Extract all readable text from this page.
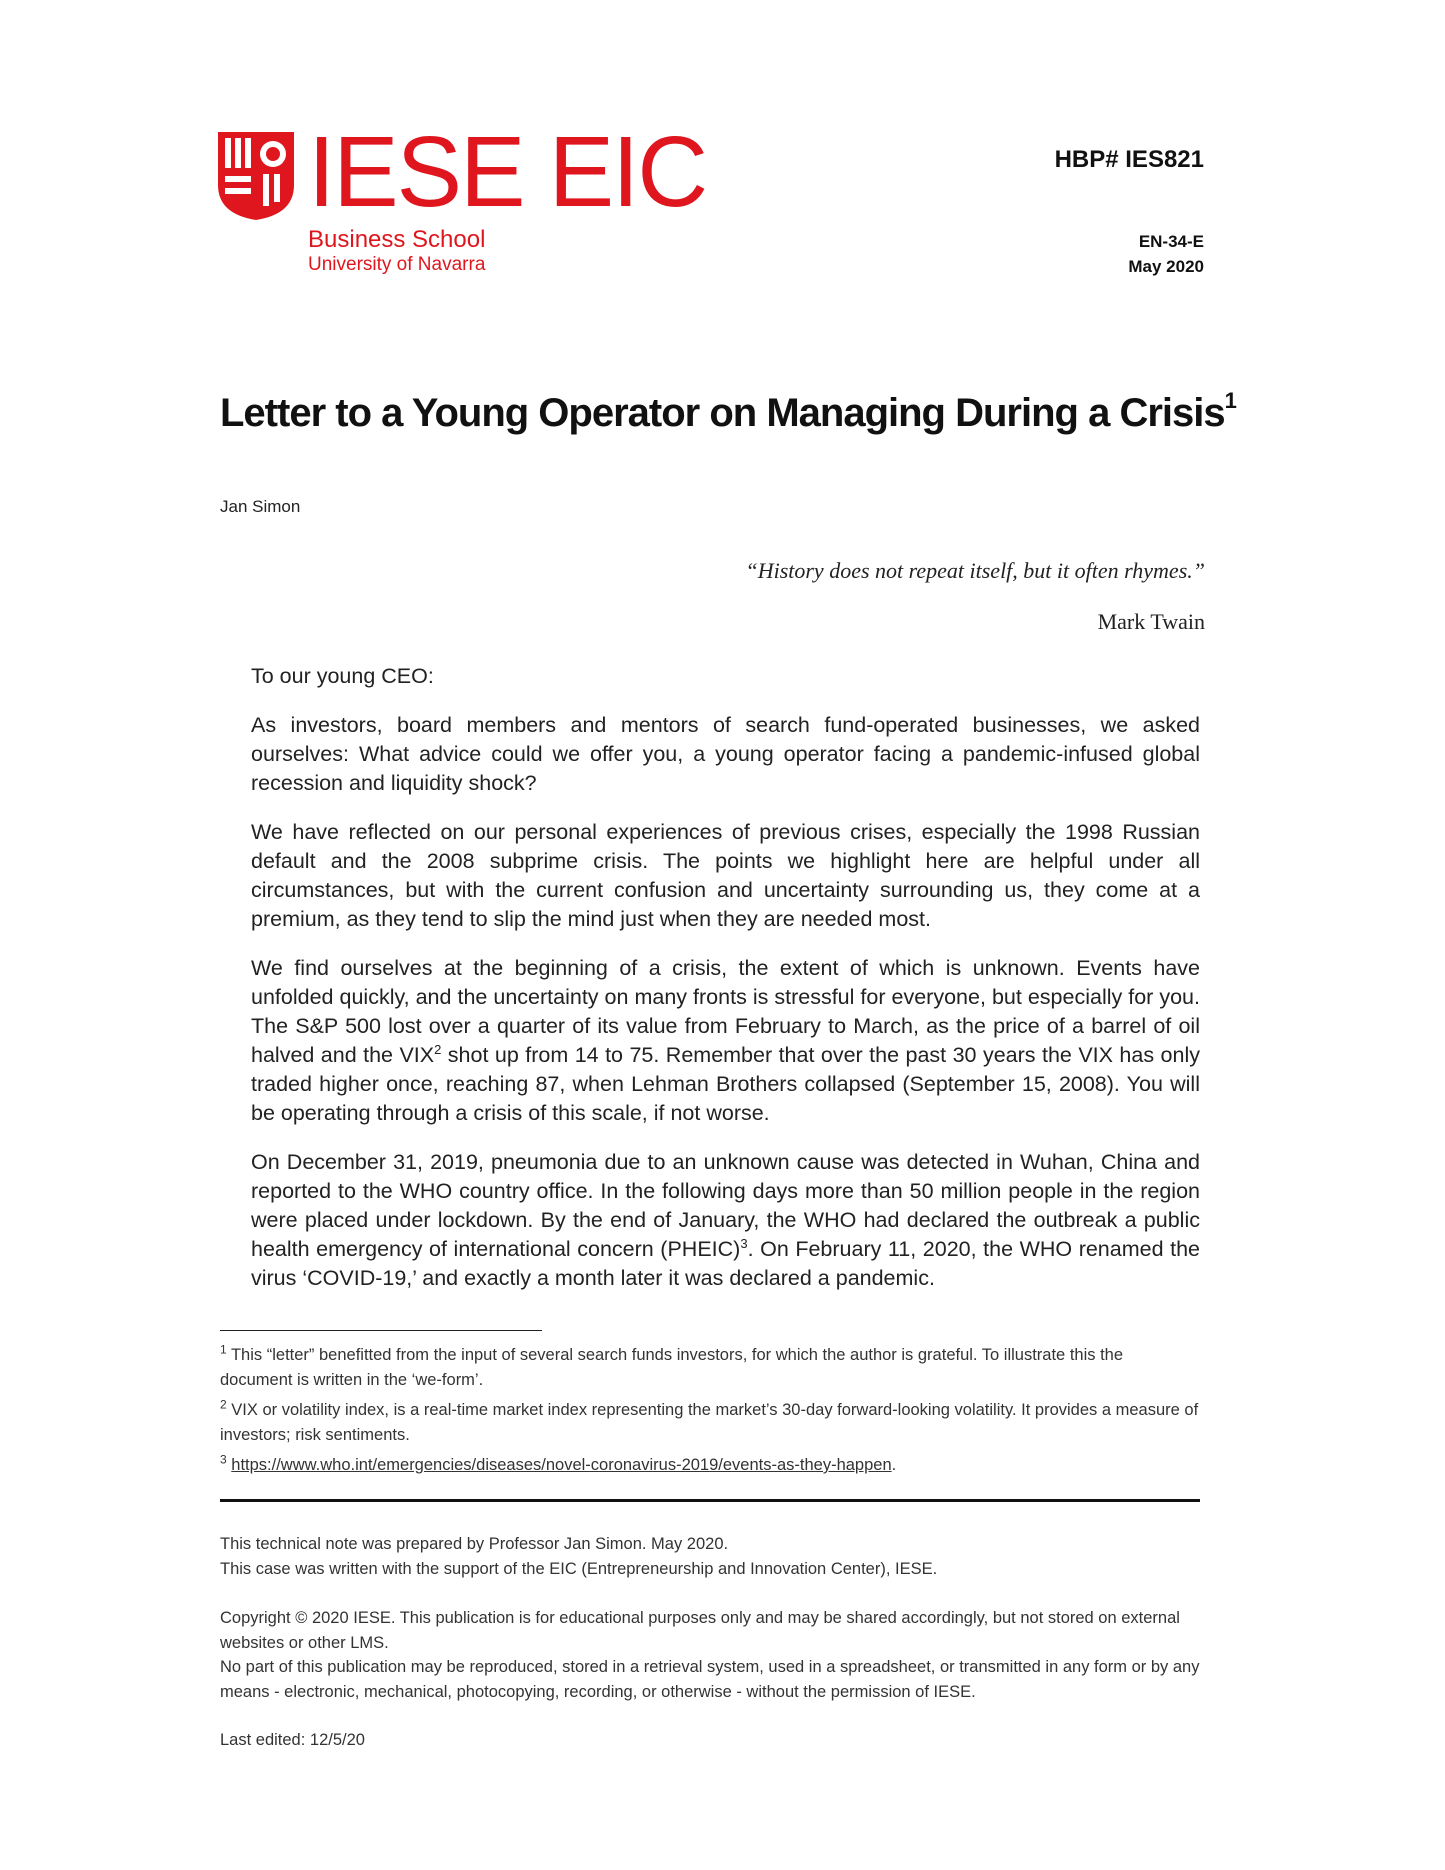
IESE EIC
Business School
University of Navarra
HBP# IES821
EN-34-E
May 2020
Letter to a Young Operator on Managing During a Crisis$^1$
Jan Simon
“History does not repeat itself, but it often rhymes.”
Mark Twain
To our young CEO:
As investors, board members and mentors of search fund-operated businesses, we asked ourselves: What advice could we offer you, a young operator facing a pandemic-infused global recession and liquidity shock?
We have reflected on our personal experiences of previous crises, especially the 1998 Russian default and the 2008 subprime crisis. The points we highlight here are helpful under all circumstances, but with the current confusion and uncertainty surrounding us, they come at a premium, as they tend to slip the mind just when they are needed most.
We find ourselves at the beginning of a crisis, the extent of which is unknown. Events have unfolded quickly, and the uncertainty on many fronts is stressful for everyone, but especially for you. The S&P 500 lost over a quarter of its value from February to March, as the price of a barrel of oil halved and the VIX$^2$ shot up from 14 to 75. Remember that over the past 30 years the VIX has only traded higher once, reaching 87, when Lehman Brothers collapsed (September 15, 2008). You will be operating through a crisis of this scale, if not worse.
On December 31, 2019, pneumonia due to an unknown cause was detected in Wuhan, China and reported to the WHO country office. In the following days more than 50 million people in the region were placed under lockdown. By the end of January, the WHO had declared the outbreak a public health emergency of international concern (PHEIC)$^3$. On February 11, 2020, the WHO renamed the virus ‘COVID-19,’ and exactly a month later it was declared a pandemic.
$^1$ This “letter” benefitted from the input of several search funds investors, for which the author is grateful. To illustrate this the document is written in the ‘we-form’.
$^2$ VIX or volatility index, is a real-time market index representing the market’s 30-day forward-looking volatility. It provides a measure of investors; risk sentiments.
$^3$ https://www.who.int/emergencies/diseases/novel-coronavirus-2019/events-as-they-happen.
This technical note was prepared by Professor Jan Simon. May 2020.
This case was written with the support of the EIC (Entrepreneurship and Innovation Center), IESE.
Copyright © 2020 IESE. This publication is for educational purposes only and may be shared accordingly, but not stored on external websites or other LMS.
No part of this publication may be reproduced, stored in a retrieval system, used in a spreadsheet, or transmitted in any form or by any means - electronic, mechanical, photocopying, recording, or otherwise - without the permission of IESE.
Last edited: 12/5/20
